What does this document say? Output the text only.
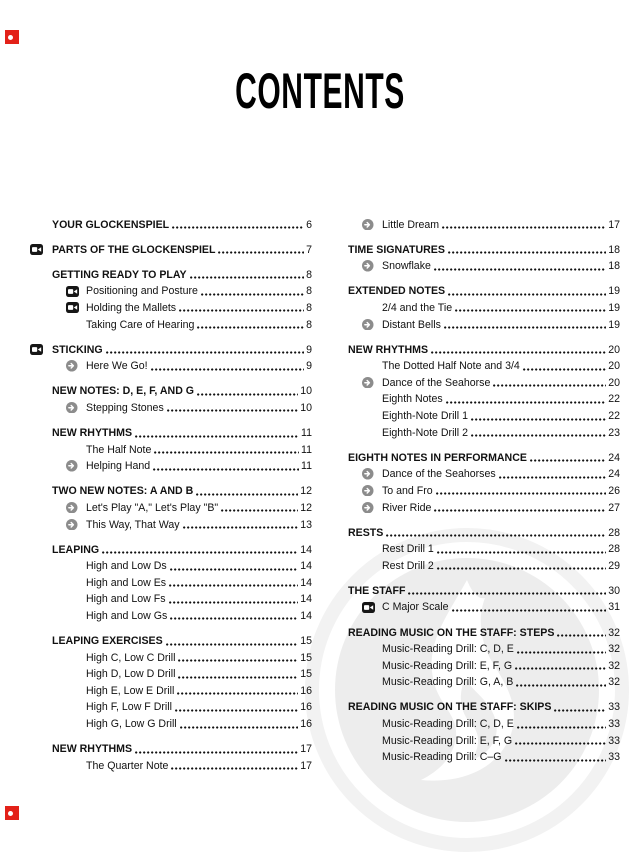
CONTENTS
YOUR GLOCKENSPIEL	6
PARTS OF THE GLOCKENSPIEL	7
GETTING READY TO PLAY	8
Positioning and Posture	8
Holding the Mallets	8
Taking Care of Hearing	8
STICKING	9
Here We Go!	9
NEW NOTES: D, E, F, AND G	10
Stepping Stones	10
NEW RHYTHMS	11
The Half Note	11
Helping Hand	11
TWO NEW NOTES: A AND B	12
Let's Play "A," Let's Play "B"	12
This Way, That Way	13
LEAPING	14
High and Low Ds	14
High and Low Es	14
High and Low Fs	14
High and Low Gs	14
LEAPING EXERCISES	15
High C, Low C Drill	15
High D, Low D Drill	15
High E, Low E Drill	16
High F, Low F Drill	16
High G, Low G Drill	16
NEW RHYTHMS	17
The Quarter Note	17
Little Dream	17
TIME SIGNATURES	18
Snowflake	18
EXTENDED NOTES	19
2/4 and the Tie	19
Distant Bells	19
NEW RHYTHMS	20
The Dotted Half Note and 3/4	20
Dance of the Seahorse	20
Eighth Notes	22
Eighth-Note Drill 1	22
Eighth-Note Drill 2	23
EIGHTH NOTES IN PERFORMANCE	24
Dance of the Seahorses	24
To and Fro	26
River Ride	27
RESTS	28
Rest Drill 1	28
Rest Drill 2	29
THE STAFF	30
C Major Scale	31
READING MUSIC ON THE STAFF: STEPS	32
Music-Reading Drill: C, D, E	32
Music-Reading Drill: E, F, G	32
Music-Reading Drill: G, A, B	32
READING MUSIC ON THE STAFF: SKIPS	33
Music-Reading Drill: C, D, E	33
Music-Reading Drill: E, F, G	33
Music-Reading Drill: C–G	33
